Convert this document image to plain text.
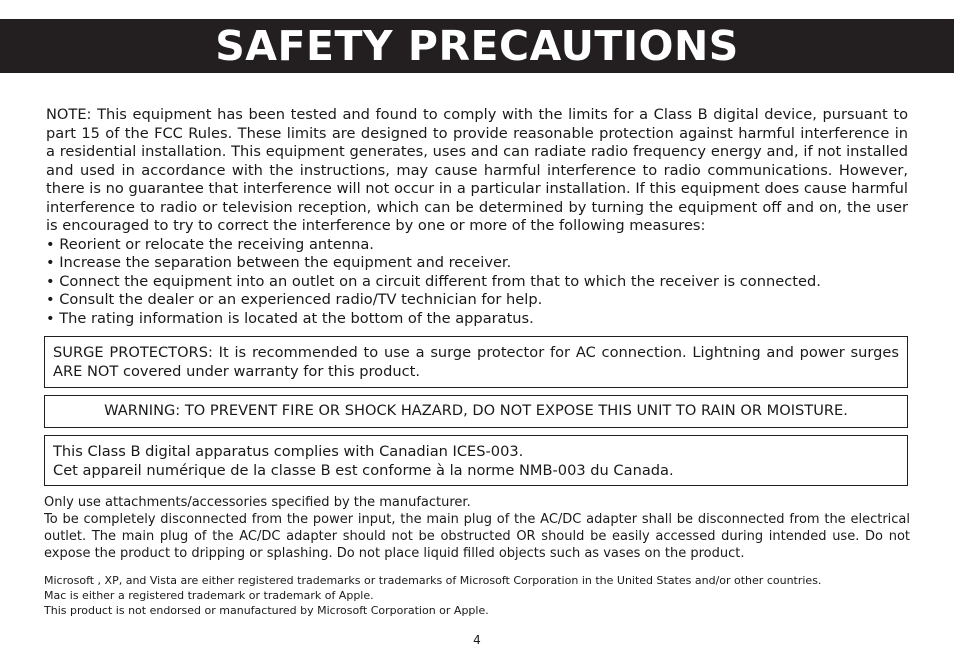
SAFETY PRECAUTIONS

NOTE: This equipment has been tested and found to comply with the limits for a Class B digital device, pursuant to part 15 of the FCC Rules. These limits are designed to provide reasonable protection against harmful interference in a residential installation. This equipment generates, uses and can radiate radio frequency energy and, if not installed and used in accordance with the instructions, may cause harmful interference to radio communications. However, there is no guarantee that interference will not occur in a particular installation. If this equipment does cause harmful interference to radio or television reception, which can be determined by turning the equipment off and on, the user is encouraged to try to correct the interference by one or more of the following measures:

• Reorient or relocate the receiving antenna.
• Increase the separation between the equipment and receiver.
• Connect the equipment into an outlet on a circuit different from that to which the receiver is connected.
• Consult the dealer or an experienced radio/TV technician for help.
• The rating information is located at the bottom of the apparatus.

SURGE PROTECTORS: It is recommended to use a surge protector for AC connection. Lightning and power surges ARE NOT covered under warranty for this product.

WARNING: TO PREVENT FIRE OR SHOCK HAZARD, DO NOT EXPOSE THIS UNIT TO RAIN OR MOISTURE.

This Class B digital apparatus complies with Canadian ICES-003.

Cet appareil numérique de la classe B est conforme à la norme NMB-003 du Canada.

Only use attachments/accessories specified by the manufacturer.

To be completely disconnected from the power input, the main plug of the AC/DC adapter shall be disconnected from the electrical outlet. The main plug of the AC/DC adapter should not be obstructed OR should be easily accessed during intended use. Do not expose the product to dripping or splashing. Do not place liquid filled objects such as vases on the product.

Microsoft , XP, and Vista are either registered trademarks or trademarks of Microsoft Corporation in the United States and/or other countries.

Mac is either a registered trademark or trademark of Apple.

This product is not endorsed or manufactured by Microsoft Corporation or Apple.

4
